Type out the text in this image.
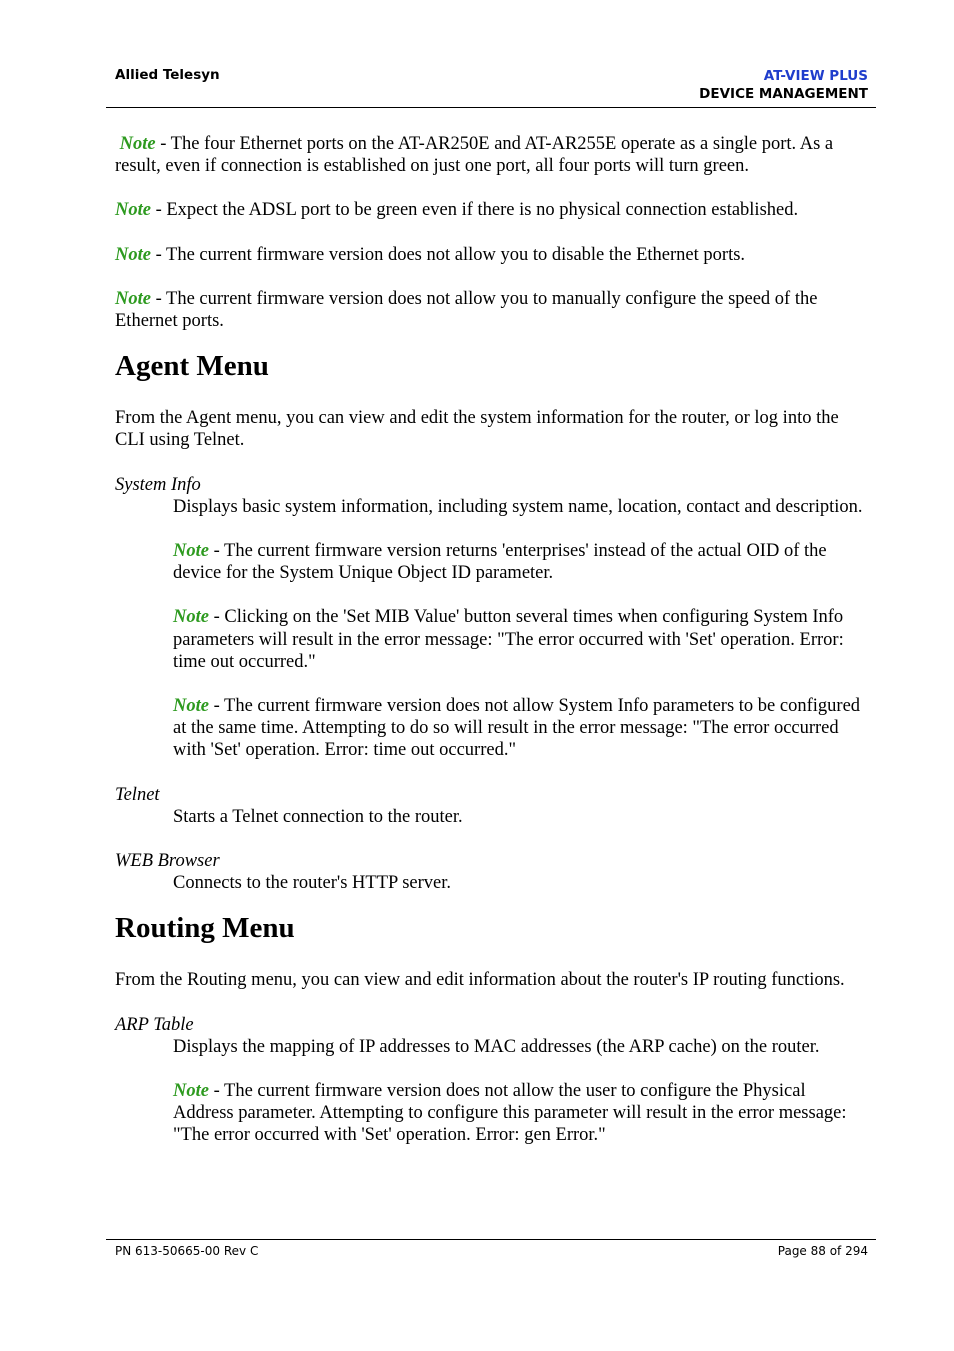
Allied Telesyn	AT-VIEW PLUS
DEVICE MANAGEMENT

Note - The four Ethernet ports on the AT-AR250E and AT-AR255E operate as a single port. As a result, even if connection is established on just one port, all four ports will turn green.

Note - Expect the ADSL port to be green even if there is no physical connection established.

Note - The current firmware version does not allow you to disable the Ethernet ports.

Note - The current firmware version does not allow you to manually configure the speed of the Ethernet ports.

Agent Menu

From the Agent menu, you can view and edit the system information for the router, or log into the CLI using Telnet.

System Info

Displays basic system information, including system name, location, contact and description.

Note - The current firmware version returns 'enterprises' instead of the actual OID of the device for the System Unique Object ID parameter.

Note - Clicking on the 'Set MIB Value' button several times when configuring System Info parameters will result in the error message: "The error occurred with 'Set' operation. Error: time out occurred."

Note - The current firmware version does not allow System Info parameters to be configured at the same time. Attempting to do so will result in the error message: "The error occurred with 'Set' operation. Error: time out occurred."

Telnet

Starts a Telnet connection to the router.

WEB Browser

Connects to the router's HTTP server.

Routing Menu

From the Routing menu, you can view and edit information about the router's IP routing functions.

ARP Table

Displays the mapping of IP addresses to MAC addresses (the ARP cache) on the router.

Note - The current firmware version does not allow the user to configure the Physical Address parameter. Attempting to configure this parameter will result in the error message: "The error occurred with 'Set' operation. Error: gen Error."

PN 613-50665-00 Rev C	Page 88 of 294
